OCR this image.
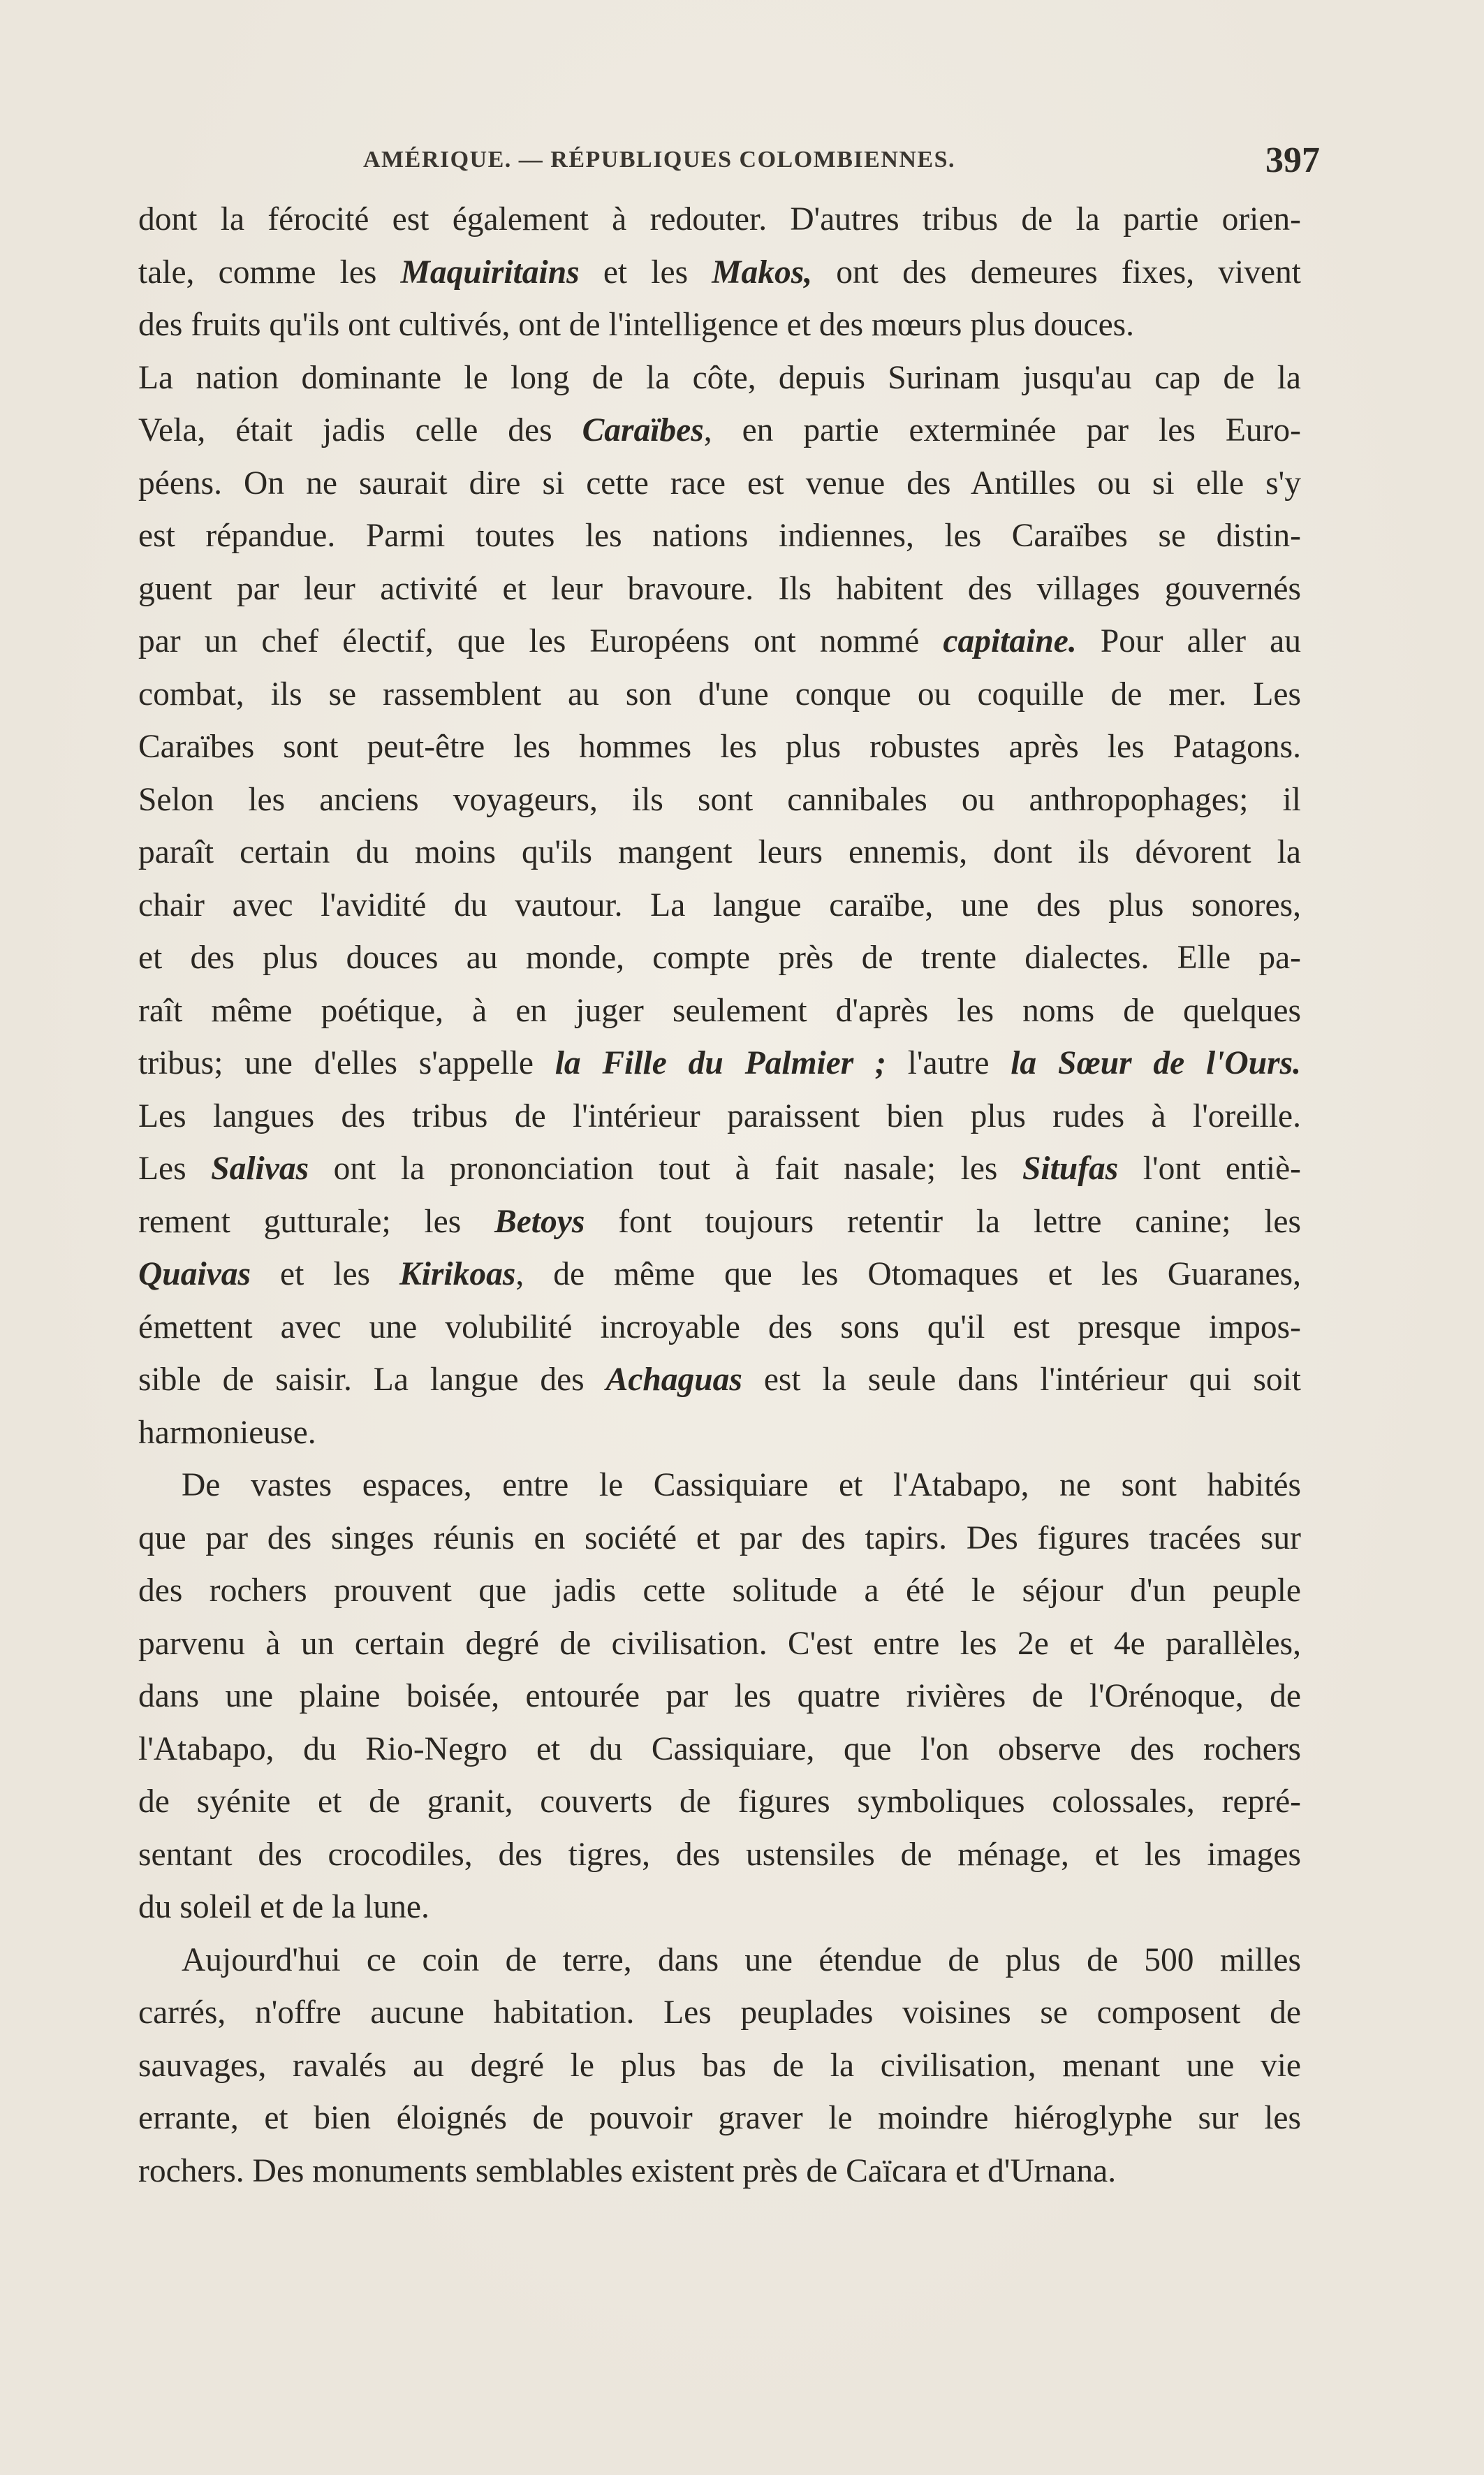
AMÉRIQUE. — RÉPUBLIQUES COLOMBIENNES.	397
dont la férocité est également à redouter. D'autres tribus de la partie orien-
tale, comme les Maquiritains et les Makos, ont des demeures fixes, vivent
des fruits qu'ils ont cultivés, ont de l'intelligence et des mœurs plus douces.
La nation dominante le long de la côte, depuis Surinam jusqu'au cap de la
Vela, était jadis celle des Caraïbes, en partie exterminée par les Euro-
péens. On ne saurait dire si cette race est venue des Antilles ou si elle s'y
est répandue. Parmi toutes les nations indiennes, les Caraïbes se distin-
guent par leur activité et leur bravoure. Ils habitent des villages gouvernés
par un chef électif, que les Européens ont nommé capitaine. Pour aller au
combat, ils se rassemblent au son d'une conque ou coquille de mer. Les
Caraïbes sont peut-être les hommes les plus robustes après les Patagons.
Selon les anciens voyageurs, ils sont cannibales ou anthropophages; il
paraît certain du moins qu'ils mangent leurs ennemis, dont ils dévorent la
chair avec l'avidité du vautour. La langue caraïbe, une des plus sonores,
et des plus douces au monde, compte près de trente dialectes. Elle pa-
raît même poétique, à en juger seulement d'après les noms de quelques
tribus; une d'elles s'appelle la Fille du Palmier ; l'autre la Sœur de l'Ours.
Les langues des tribus de l'intérieur paraissent bien plus rudes à l'oreille.
Les Salivas ont la prononciation tout à fait nasale; les Situfas l'ont entiè-
rement gutturale; les Betoys font toujours retentir la lettre canine; les
Quaivas et les Kirikoas, de même que les Otomaques et les Guaranes,
émettent avec une volubilité incroyable des sons qu'il est presque impos-
sible de saisir. La langue des Achaguas est la seule dans l'intérieur qui soit
harmonieuse.
De vastes espaces, entre le Cassiquiare et l'Atabapo, ne sont habités
que par des singes réunis en société et par des tapirs. Des figures tracées sur
des rochers prouvent que jadis cette solitude a été le séjour d'un peuple
parvenu à un certain degré de civilisation. C'est entre les 2e et 4e parallèles,
dans une plaine boisée, entourée par les quatre rivières de l'Orénoque, de
l'Atabapo, du Rio-Negro et du Cassiquiare, que l'on observe des rochers
de syénite et de granit, couverts de figures symboliques colossales, repré-
sentant des crocodiles, des tigres, des ustensiles de ménage, et les images
du soleil et de la lune.
Aujourd'hui ce coin de terre, dans une étendue de plus de 500 milles
carrés, n'offre aucune habitation. Les peuplades voisines se composent de
sauvages, ravalés au degré le plus bas de la civilisation, menant une vie
errante, et bien éloignés de pouvoir graver le moindre hiéroglyphe sur les
rochers. Des monuments semblables existent près de Caïcara et d'Urnana.
